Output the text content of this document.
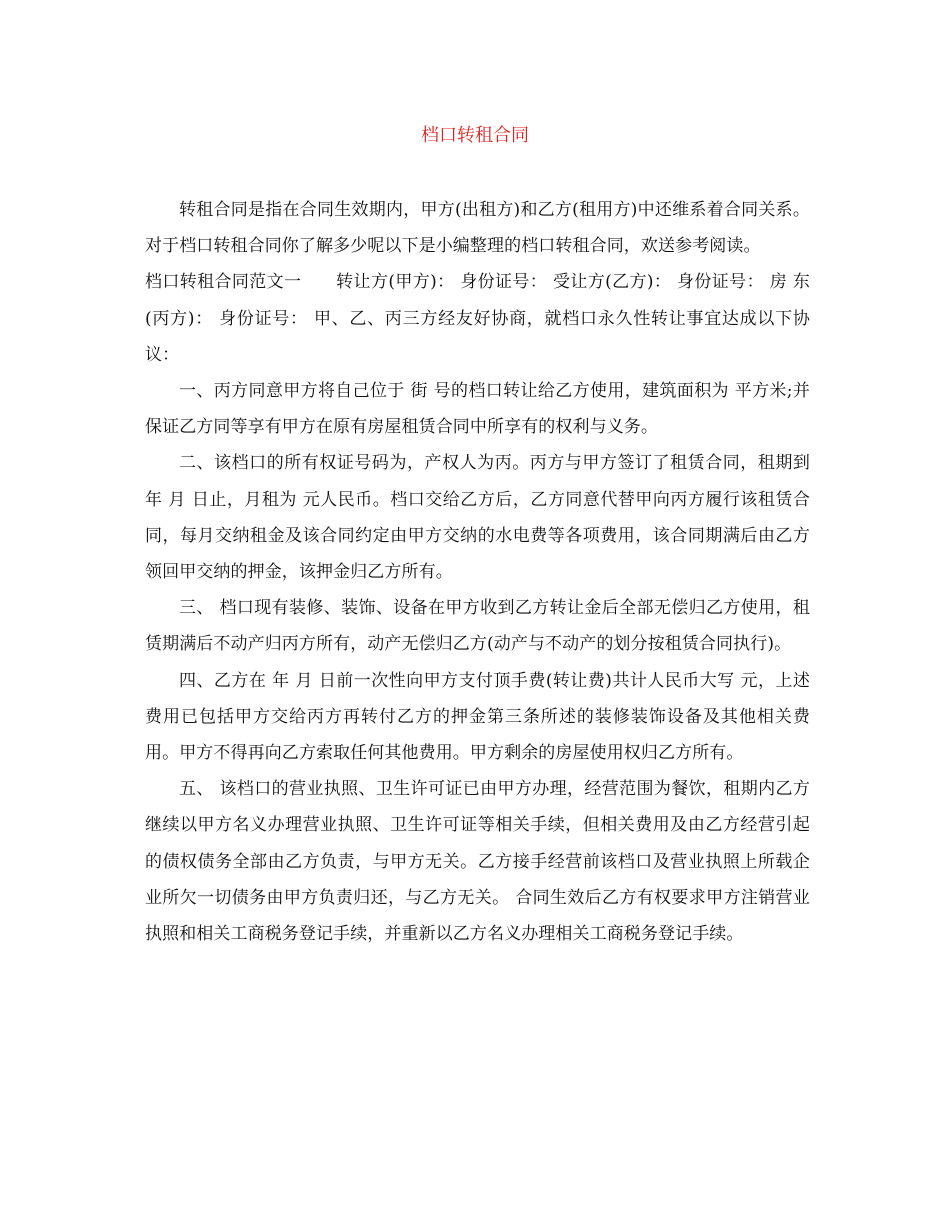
档口转租合同

转租合同是指在合同生效期内，甲方(出租方)和乙方(租用方)中还维系着合同关系。对于档口转租合同你了解多少呢以下是小编整理的档口转租合同，欢送参考阅读。

档口转租合同范文一　　转让方(甲方)： 身份证号： 受让方(乙方)： 身份证号： 房 东(丙方)： 身份证号： 甲、乙、丙三方经友好协商，就档口永久性转让事宜达成以下协议：

一、丙方同意甲方将自己位于 街 号的档口转让给乙方使用，建筑面积为 平方米;并保证乙方同等享有甲方在原有房屋租赁合同中所享有的权利与义务。

二、该档口的所有权证号码为，产权人为丙。丙方与甲方签订了租赁合同，租期到 年 月 日止，月租为 元人民币。档口交给乙方后，乙方同意代替甲向丙方履行该租赁合同，每月交纳租金及该合同约定由甲方交纳的水电费等各项费用，该合同期满后由乙方领回甲交纳的押金，该押金归乙方所有。

三、 档口现有装修、装饰、设备在甲方收到乙方转让金后全部无偿归乙方使用，租赁期满后不动产归丙方所有，动产无偿归乙方(动产与不动产的划分按租赁合同执行)。

四、乙方在 年 月 日前一次性向甲方支付顶手费(转让费)共计人民币大写 元，上述费用已包括甲方交给丙方再转付乙方的押金第三条所述的装修装饰设备及其他相关费用。甲方不得再向乙方索取任何其他费用。甲方剩余的房屋使用权归乙方所有。

五、 该档口的营业执照、卫生许可证已由甲方办理，经营范围为餐饮，租期内乙方继续以甲方名义办理营业执照、卫生许可证等相关手续，但相关费用及由乙方经营引起的债权债务全部由乙方负责，与甲方无关。乙方接手经营前该档口及营业执照上所载企业所欠一切债务由甲方负责归还，与乙方无关。 合同生效后乙方有权要求甲方注销营业执照和相关工商税务登记手续，并重新以乙方名义办理相关工商税务登记手续。
